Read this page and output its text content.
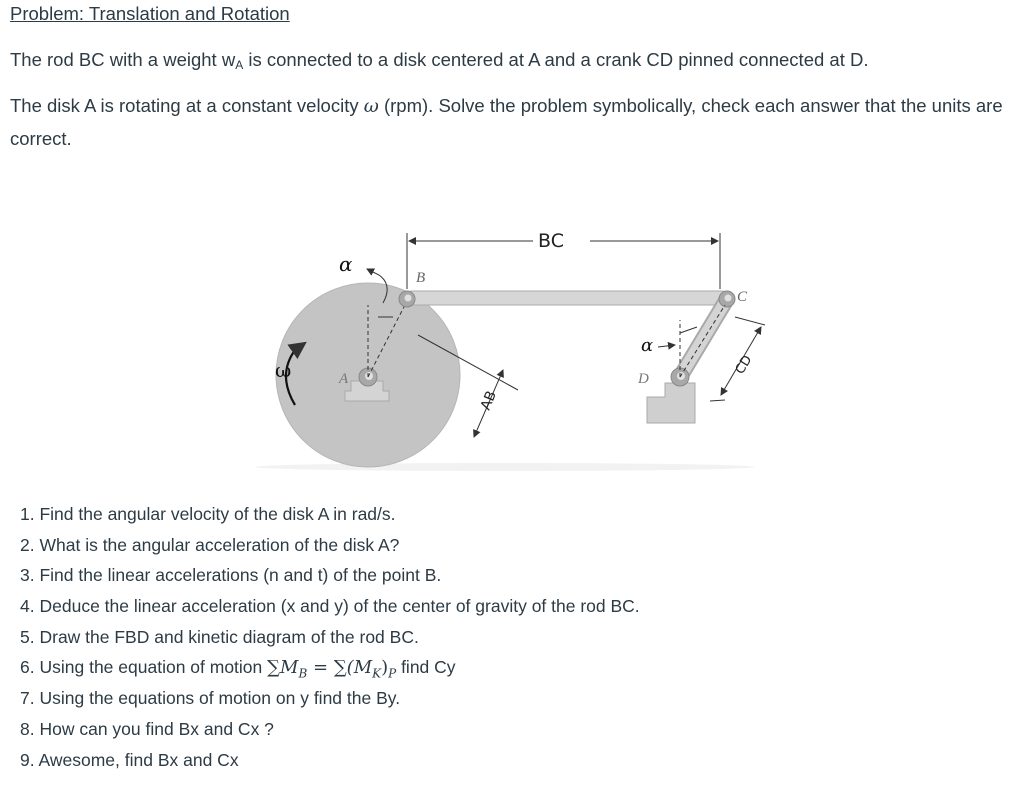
Problem: Translation and Rotation
The rod BC with a weight $w_A$ is connected to a disk centered at A and a crank CD pinned connected at D.
The disk A is rotating at a constant velocity ω (rpm). Solve the problem symbolically, check each answer that the units are correct.
BC
B
C
A	D
AB
CD
ω
α
α
1. Find the angular velocity of the disk A in rad/s.
2. What is the angular acceleration of the disk A?
3. Find the linear accelerations (n and t) of the point B.
4. Deduce the linear acceleration (x and y) of the center of gravity of the rod BC.
5. Draw the FBD and kinetic diagram of the rod BC.
6. Using the equation of motion $\sum M_B = \sum(M_K)_P$ find Cy
7. Using the equations of motion on y find the By.
8. How can you find Bx and Cx ?
9. Awesome, find Bx and Cx
